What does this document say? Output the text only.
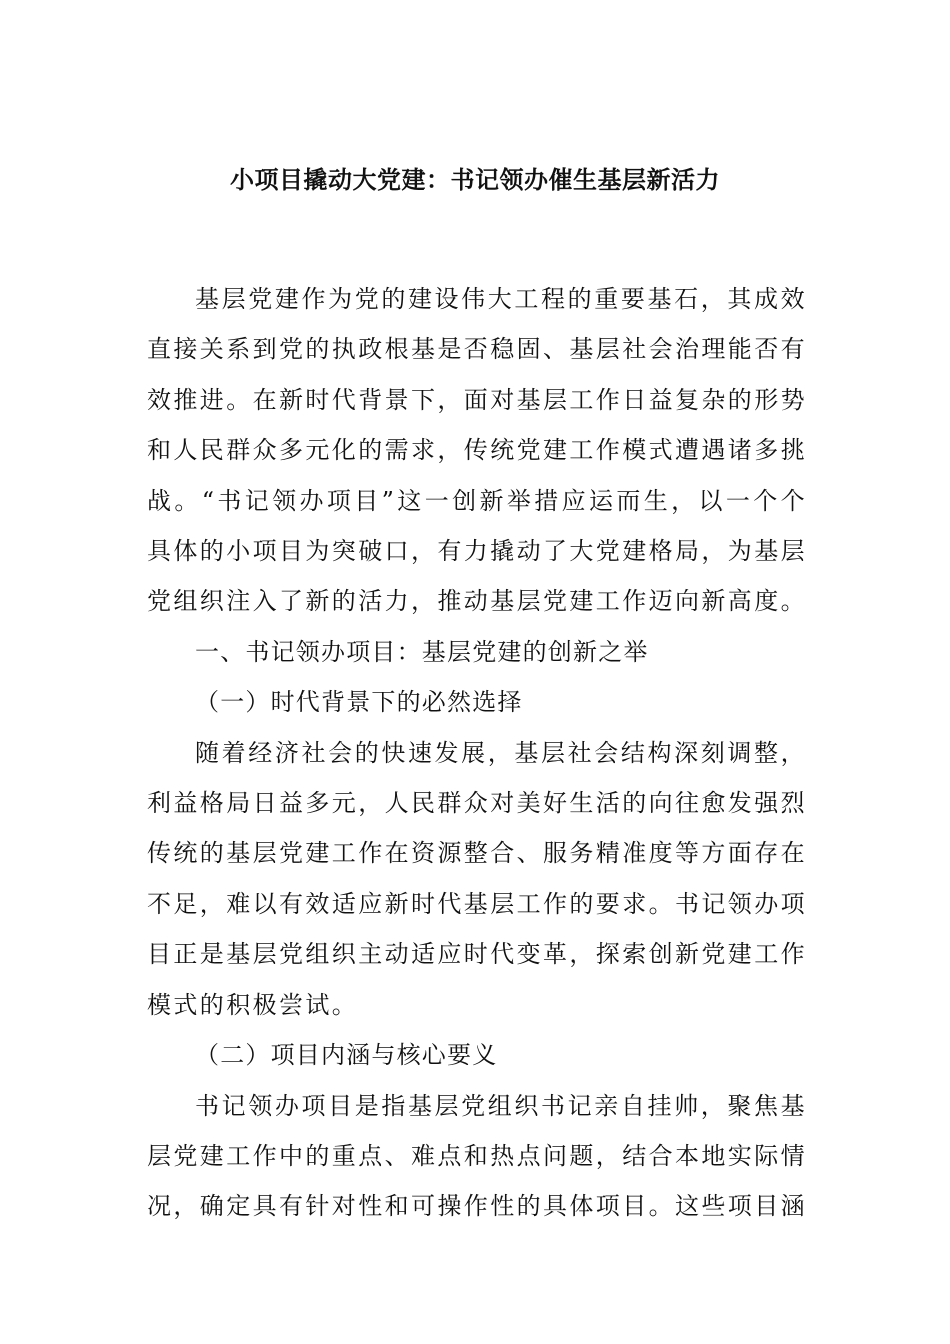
小项目撬动大党建：书记领办催生基层新活力

基层党建作为党的建设伟大工程的重要基石，其成效直接关系到党的执政根基是否稳固、基层社会治理能否有效推进。在新时代背景下，面对基层工作日益复杂的形势和人民群众多元化的需求，传统党建工作模式遭遇诸多挑战。“书记领办项目”这一创新举措应运而生，以一个个具体的小项目为突破口，有力撬动了大党建格局，为基层党组织注入了新的活力，推动基层党建工作迈向新高度。

一、书记领办项目：基层党建的创新之举

（一）时代背景下的必然选择

随着经济社会的快速发展，基层社会结构深刻调整，利益格局日益多元，人民群众对美好生活的向往愈发强烈传统的基层党建工作在资源整合、服务精准度等方面存在不足，难以有效适应新时代基层工作的要求。书记领办项目正是基层党组织主动适应时代变革，探索创新党建工作模式的积极尝试。

（二）项目内涵与核心要义

书记领办项目是指基层党组织书记亲自挂帅，聚焦基层党建工作中的重点、难点和热点问题，结合本地实际情况，确定具有针对性和可操作性的具体项目。这些项目涵
